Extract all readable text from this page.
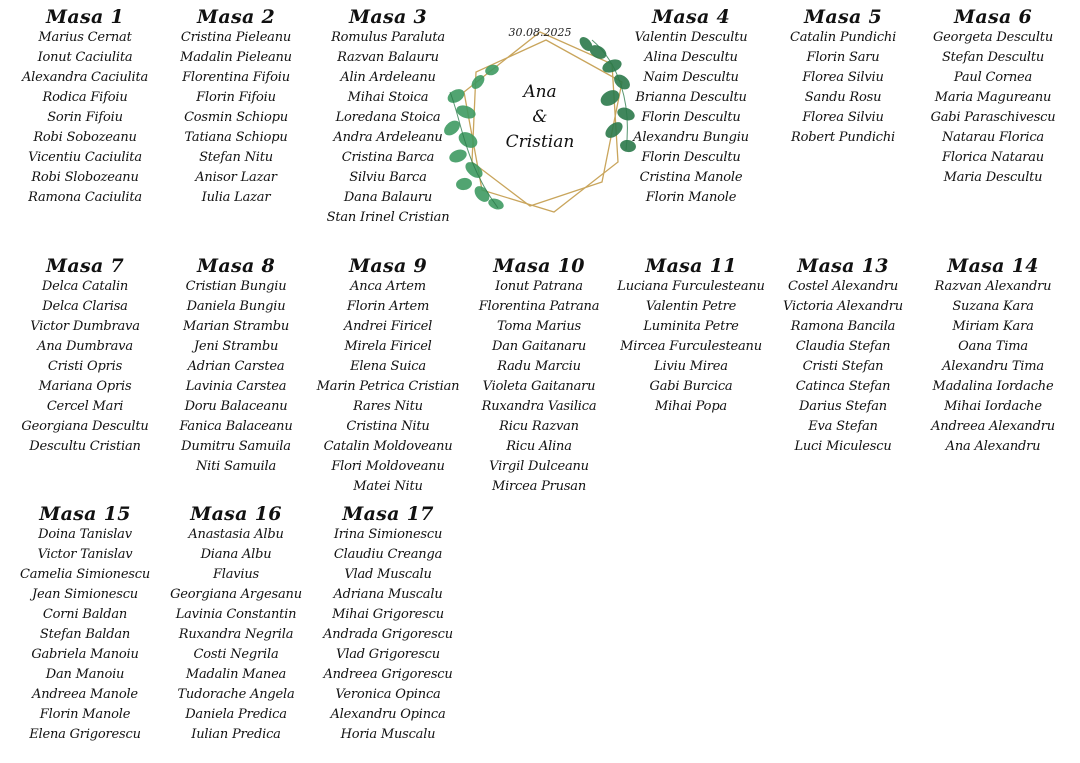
Masa 1
Marius Cernat
Ionut Caciulita
Alexandra Caciulita
Rodica Fifoiu
Sorin Fifoiu
Robi Sobozeanu
Vicentiu Caciulita
Robi Slobozeanu
Ramona Caciulita
Masa 2
Cristina Pieleanu
Madalin Pieleanu
Florentina Fifoiu
Florin Fifoiu
Cosmin Schiopu
Tatiana Schiopu
Stefan Nitu
Anisor Lazar
Iulia Lazar
Masa 3
Romulus Paraluta
Razvan Balauru
Alin Ardeleanu
Mihai Stoica
Loredana Stoica
Andra Ardeleanu
Cristina Barca
Silviu Barca
Dana Balauru
Stan Irinel Cristian
30.08.2025
Ana
&
Cristian
Masa 4
Valentin Descultu
Alina Descultu
Naim Descultu
Brianna Descultu
Florin Descultu
Alexandru Bungiu
Florin Descultu
Cristina Manole
Florin Manole
Masa 5
Catalin Pundichi
Florin Saru
Florea Silviu
Sandu Rosu
Florea Silviu
Robert Pundichi
Masa 6
Georgeta Descultu
Stefan Descultu
Paul Cornea
Maria Magureanu
Gabi Paraschivescu
Natarau Florica
Florica Natarau
Maria Descultu
Masa 7
Delca Catalin
Delca Clarisa
Victor Dumbrava
Ana Dumbrava
Cristi Opris
Mariana Opris
Cercel Mari
Georgiana Descultu
Descultu Cristian
Masa 8
Cristian Bungiu
Daniela Bungiu
Marian Strambu
Jeni Strambu
Adrian Carstea
Lavinia Carstea
Doru Balaceanu
Fanica Balaceanu
Dumitru Samuila
Niti Samuila
Masa 9
Anca Artem
Florin Artem
Andrei Firicel
Mirela Firicel
Elena Suica
Marin Petrica Cristian
Rares Nitu
Cristina Nitu
Catalin Moldoveanu
Flori Moldoveanu
Matei Nitu
Masa 10
Ionut Patrana
Florentina Patrana
Toma Marius
Dan Gaitanaru
Radu Marciu
Violeta Gaitanaru
Ruxandra Vasilica
Ricu Razvan
Ricu Alina
Virgil Dulceanu
Mircea Prusan
Masa 11
Luciana Furculesteanu
Valentin Petre
Luminita Petre
Mircea Furculesteanu
Liviu Mirea
Gabi Burcica
Mihai Popa
Masa 13
Costel Alexandru
Victoria Alexandru
Ramona Bancila
Claudia Stefan
Cristi Stefan
Catinca Stefan
Darius Stefan
Eva Stefan
Luci Miculescu
Masa 14
Razvan Alexandru
Suzana Kara
Miriam Kara
Oana Tima
Alexandru Tima
Madalina Iordache
Mihai Iordache
Andreea Alexandru
Ana Alexandru
Masa 15
Doina Tanislav
Victor Tanislav
Camelia Simionescu
Jean Simionescu
Corni Baldan
Stefan Baldan
Gabriela Manoiu
Dan Manoiu
Andreea Manole
Florin Manole
Elena Grigorescu
Masa 16
Anastasia Albu
Diana Albu
Flavius
Georgiana Argesanu
Lavinia Constantin
Ruxandra Negrila
Costi Negrila
Madalin Manea
Tudorache Angela
Daniela Predica
Iulian Predica
Masa 17
Irina Simionescu
Claudiu Creanga
Vlad Muscalu
Adriana Muscalu
Mihai Grigorescu
Andrada Grigorescu
Vlad Grigorescu
Andreea Grigorescu
Veronica Opinca
Alexandru Opinca
Horia Muscalu
